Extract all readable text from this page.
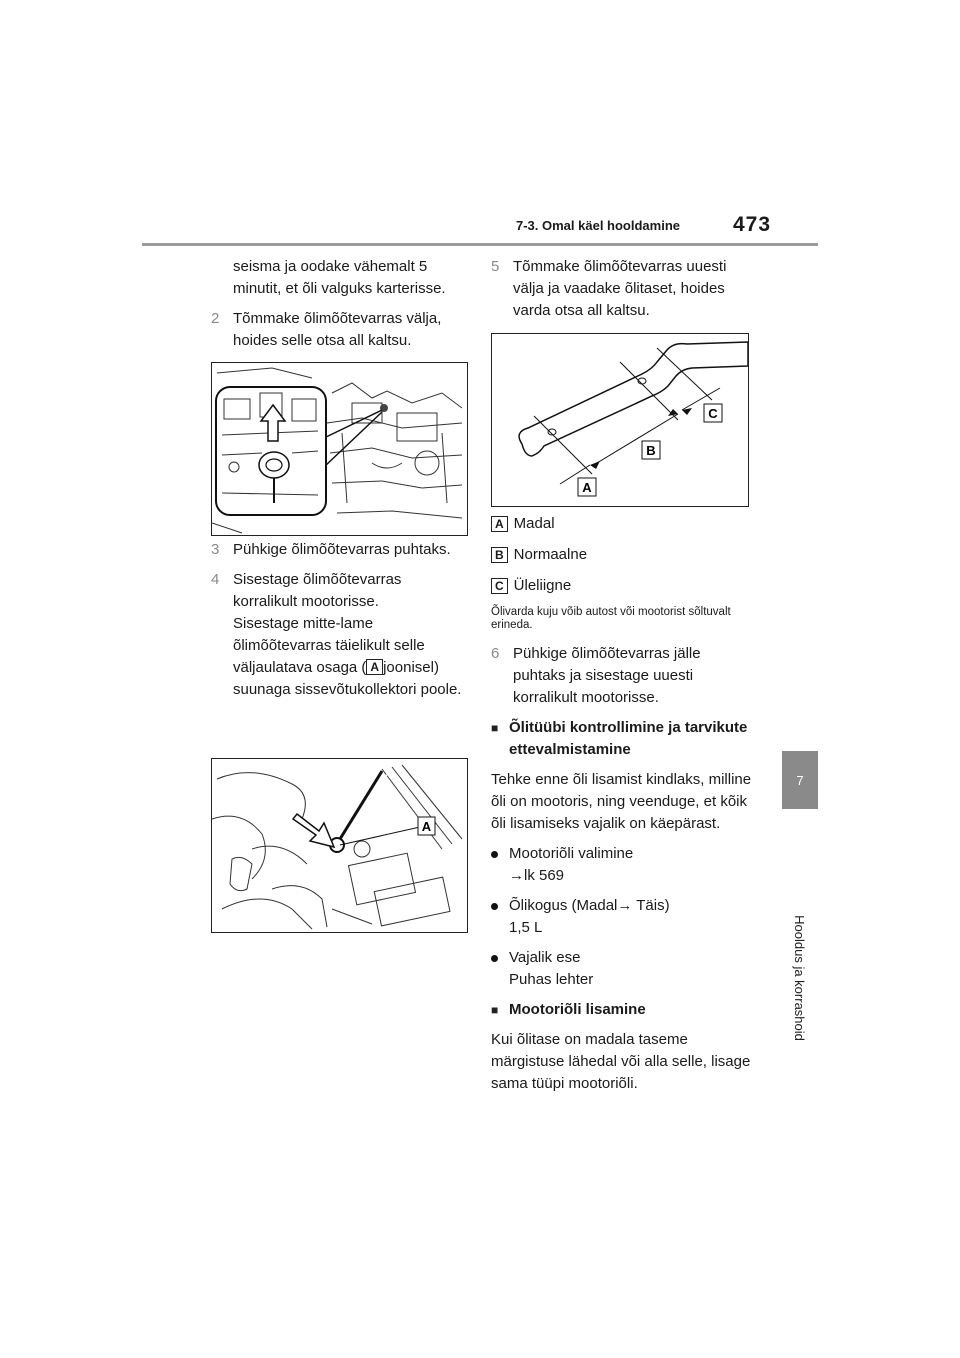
7-3. Omal käel hooldamine	473
7
Hooldus ja korrashoid

seisma ja oodake vähemalt 5 minutit, et õli valguks karterisse.

2 Tõmmake õlimõõtevarras välja, hoides selle otsa all kaltsu.
3 Pühkige õlimõõtevarras puhtaks.
4 Sisestage õlimõõtevarras korralikult mootorisse.
Sisestage mitte-lame õlimõõtevarras täielikult selle väljaulatava osaga ( A joonisel) suunaga sissevõtukollektori poole.
A
5 Tõmmake õlimõõtevarras uuesti välja ja vaadake õlitaset, hoides varda otsa all kaltsu.
C
B
A
A Madal
B Normaalne
C Üleliigne

Õlivarda kuju võib autost või mootorist sõltuvalt erineda.

6 Pühkige õlimõõtevarras jälle puhtaks ja sisestage uuesti korralikult mootorisse.
■ Õlitüübi kontrollimine ja tarvikute ettevalmistamine

Tehke enne õli lisamist kindlaks, milline õli on mootoris, ning veenduge, et kõik õli lisamiseks vajalik on käepärast.

Mootoriõli valimine
→lk 569
Õlikogus (Madal→ Täis)
1,5 L
Vajalik ese
Puhas lehter
■ Mootoriõli lisamine

Kui õlitase on madala taseme märgistuse lähedal või alla selle, lisage sama tüüpi mootoriõli.
